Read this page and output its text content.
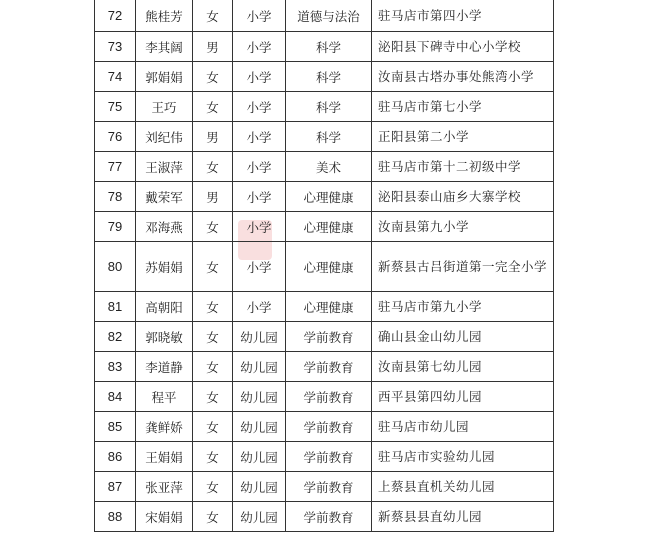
72	熊桂芳	女	小学	道德与法治	驻马店市第四小学
73	李其阔	男	小学	科学	泌阳县下碑寺中心小学校
74	郭娟娟	女	小学	科学	汝南县古塔办事处熊湾小学
75	王巧	女	小学	科学	驻马店市第七小学
76	刘纪伟	男	小学	科学	正阳县第二小学
77	王淑萍	女	小学	美术	驻马店市第十二初级中学
78	戴荣军	男	小学	心理健康	泌阳县泰山庙乡大寨学校
79	邓海燕	女	小学	心理健康	汝南县第九小学
80	苏娟娟	女	小学	心理健康	新蔡县古吕街道第一完全小学
81	高朝阳	女	小学	心理健康	驻马店市第九小学
82	郭晓敏	女	幼儿园	学前教育	确山县金山幼儿园
83	李道静	女	幼儿园	学前教育	汝南县第七幼儿园
84	程平	女	幼儿园	学前教育	西平县第四幼儿园
85	龚鲜娇	女	幼儿园	学前教育	驻马店市幼儿园
86	王娟娟	女	幼儿园	学前教育	驻马店市实验幼儿园
87	张亚萍	女	幼儿园	学前教育	上蔡县直机关幼儿园
88	宋娟娟	女	幼儿园	学前教育	新蔡县县直幼儿园
